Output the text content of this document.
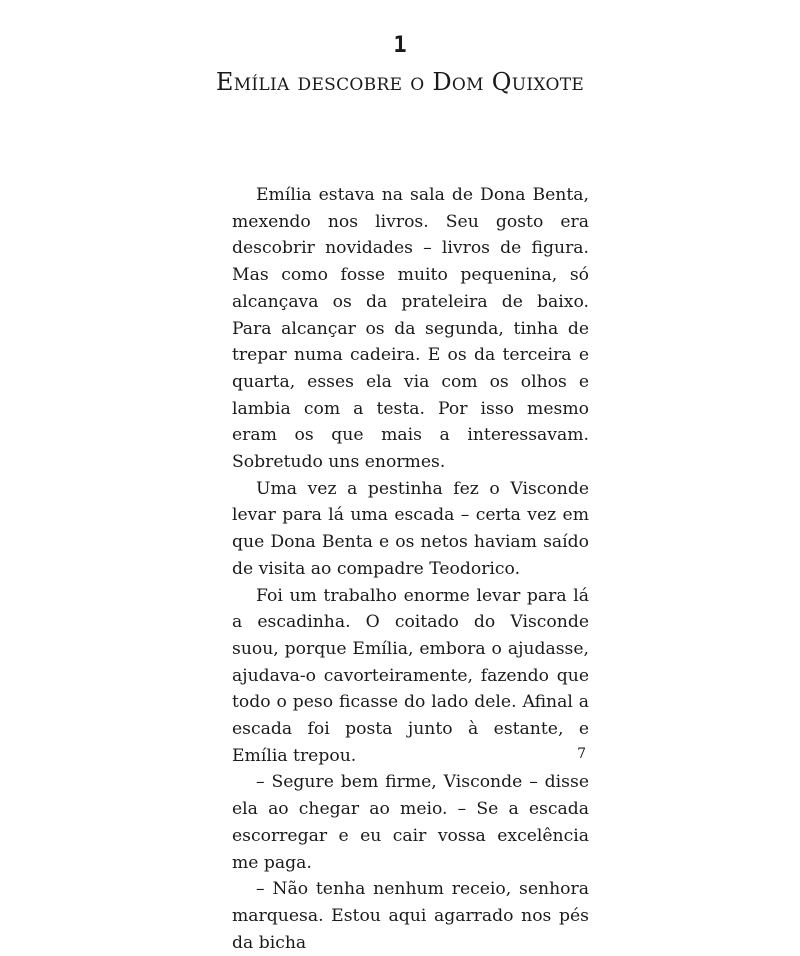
1
Emília descobre o Dom Quixote

Emília estava na sala de Dona Benta, mexendo nos livros. Seu gosto era descobrir novidades – livros de figura. Mas como fosse muito pequenina, só alcançava os da prateleira de baixo. Para alcançar os da segunda, tinha de trepar numa cadeira. E os da terceira e quarta, esses ela via com os olhos e lambia com a testa. Por isso mesmo eram os que mais a interessavam. Sobretudo uns enormes.

Uma vez a pestinha fez o Visconde levar para lá uma escada – certa vez em que Dona Benta e os netos haviam saído de visita ao compadre Teodorico.

Foi um trabalho enorme levar para lá a escadinha. O coitado do Visconde suou, porque Emília, embora o ajudasse, ajudava-o cavorteiramente, fazendo que todo o peso ficasse do lado dele. Afinal a escada foi posta junto à estante, e Emília trepou.

– Segure bem firme, Visconde – disse ela ao chegar ao meio. – Se a escada escorregar e eu cair vossa excelência me paga.

– Não tenha nenhum receio, senhora marquesa. Estou aqui agarrado nos pés da bicha

7
